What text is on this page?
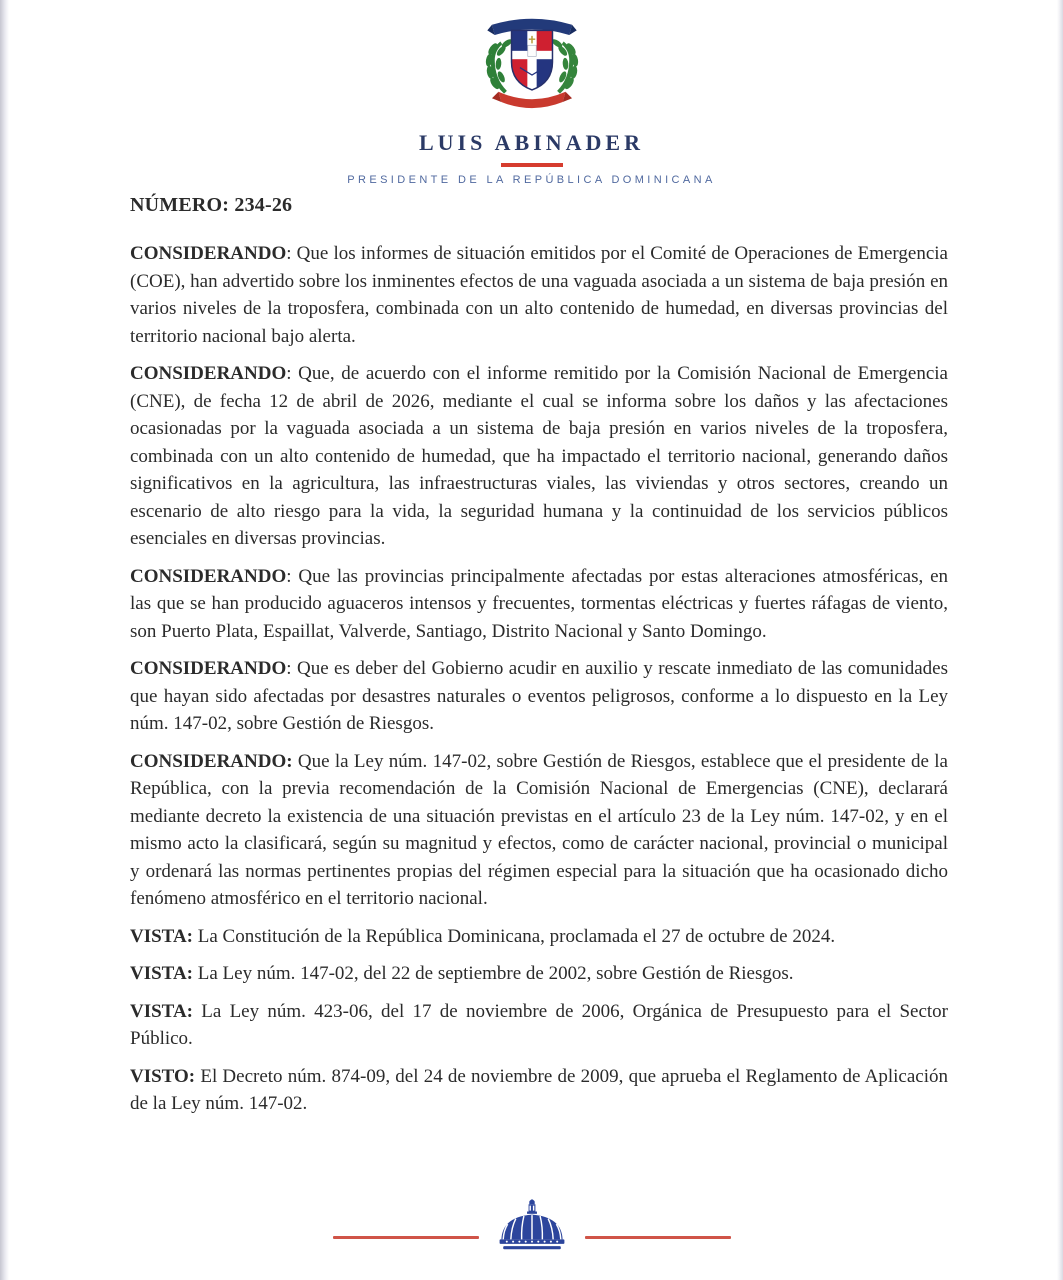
LUIS ABINADER
PRESIDENTE DE LA REPÚBLICA DOMINICANA
NÚMERO: 234-26

CONSIDERANDO: Que los informes de situación emitidos por el Comité de Operaciones de Emergencia (COE), han advertido sobre los inminentes efectos de una vaguada asociada a un sistema de baja presión en varios niveles de la troposfera, combinada con un alto contenido de humedad, en diversas provincias del territorio nacional bajo alerta.

CONSIDERANDO: Que, de acuerdo con el informe remitido por la Comisión Nacional de Emergencia (CNE), de fecha 12 de abril de 2026, mediante el cual se informa sobre los daños y las afectaciones ocasionadas por la vaguada asociada a un sistema de baja presión en varios niveles de la troposfera, combinada con un alto contenido de humedad, que ha impactado el territorio nacional, generando daños significativos en la agricultura, las infraestructuras viales, las viviendas y otros sectores, creando un escenario de alto riesgo para la vida, la seguridad humana y la continuidad de los servicios públicos esenciales en diversas provincias.

CONSIDERANDO: Que las provincias principalmente afectadas por estas alteraciones atmosféricas, en las que se han producido aguaceros intensos y frecuentes, tormentas eléctricas y fuertes ráfagas de viento, son Puerto Plata, Espaillat, Valverde, Santiago, Distrito Nacional y Santo Domingo.

CONSIDERANDO: Que es deber del Gobierno acudir en auxilio y rescate inmediato de las comunidades que hayan sido afectadas por desastres naturales o eventos peligrosos, conforme a lo dispuesto en la Ley núm. 147-02, sobre Gestión de Riesgos.

CONSIDERANDO: Que la Ley núm. 147-02, sobre Gestión de Riesgos, establece que el presidente de la República, con la previa recomendación de la Comisión Nacional de Emergencias (CNE), declarará mediante decreto la existencia de una situación previstas en el artículo 23 de la Ley núm. 147-02, y en el mismo acto la clasificará, según su magnitud y efectos, como de carácter nacional, provincial o municipal y ordenará las normas pertinentes propias del régimen especial para la situación que ha ocasionado dicho fenómeno atmosférico en el territorio nacional.

VISTA: La Constitución de la República Dominicana, proclamada el 27 de octubre de 2024.

VISTA: La Ley núm. 147-02, del 22 de septiembre de 2002, sobre Gestión de Riesgos.

VISTA: La Ley núm. 423-06, del 17 de noviembre de 2006, Orgánica de Presupuesto para el Sector Público.

VISTO: El Decreto núm. 874-09, del 24 de noviembre de 2009, que aprueba el Reglamento de Aplicación de la Ley núm. 147-02.
